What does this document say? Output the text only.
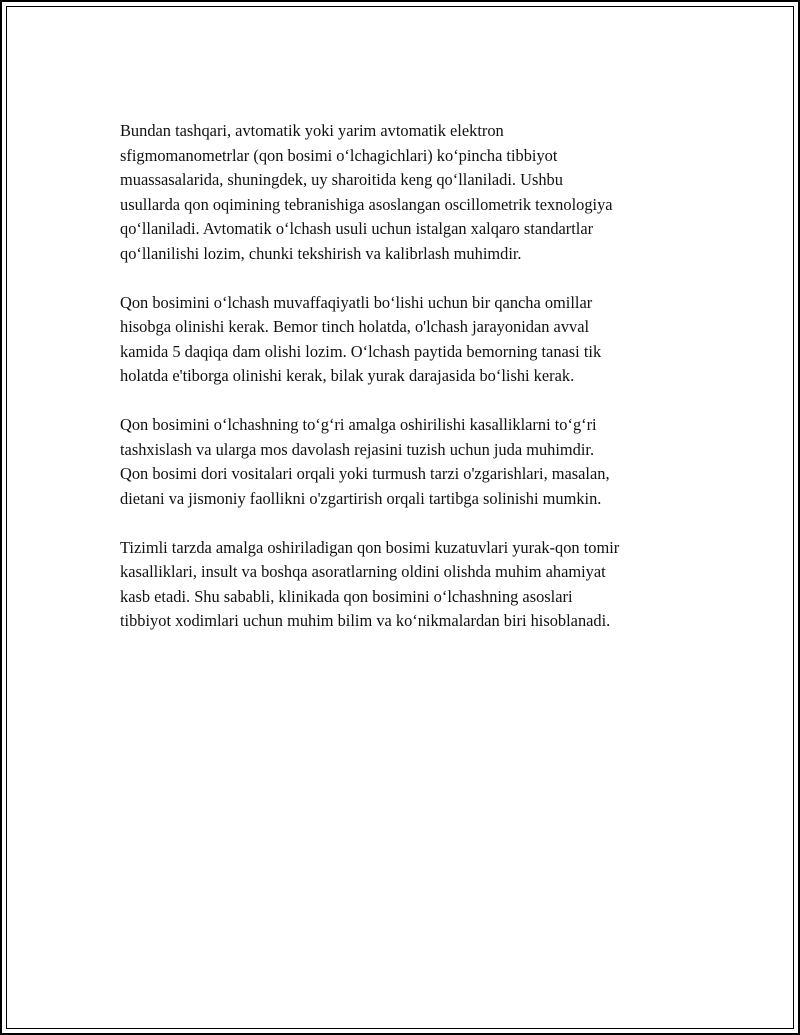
Bundan tashqari, avtomatik yoki yarim avtomatik elektron
sfigmomanometrlar (qon bosimi o‘lchagichlari) ko‘pincha tibbiyot
muassasalarida, shuningdek, uy sharoitida keng qo‘llaniladi. Ushbu
usullarda qon oqimining tebranishiga asoslangan oscillometrik texnologiya
qo‘llaniladi. Avtomatik o‘lchash usuli uchun istalgan xalqaro standartlar
qo‘llanilishi lozim, chunki tekshirish va kalibrlash muhimdir.

Qon bosimini o‘lchash muvaffaqiyatli bo‘lishi uchun bir qancha omillar
hisobga olinishi kerak. Bemor tinch holatda, o'lchash jarayonidan avval
kamida 5 daqiqa dam olishi lozim. O‘lchash paytida bemorning tanasi tik
holatda e'tiborga olinishi kerak, bilak yurak darajasida bo‘lishi kerak.

Qon bosimini o‘lchashning to‘g‘ri amalga oshirilishi kasalliklarni to‘g‘ri
tashxislash va ularga mos davolash rejasini tuzish uchun juda muhimdir.
Qon bosimi dori vositalari orqali yoki turmush tarzi o'zgarishlari, masalan,
dietani va jismoniy faollikni o'zgartirish orqali tartibga solinishi mumkin.

Tizimli tarzda amalga oshiriladigan qon bosimi kuzatuvlari yurak-qon tomir
kasalliklari, insult va boshqa asoratlarning oldini olishda muhim ahamiyat
kasb etadi. Shu sababli, klinikada qon bosimini o‘lchashning asoslari
tibbiyot xodimlari uchun muhim bilim va ko‘nikmalardan biri hisoblanadi.
